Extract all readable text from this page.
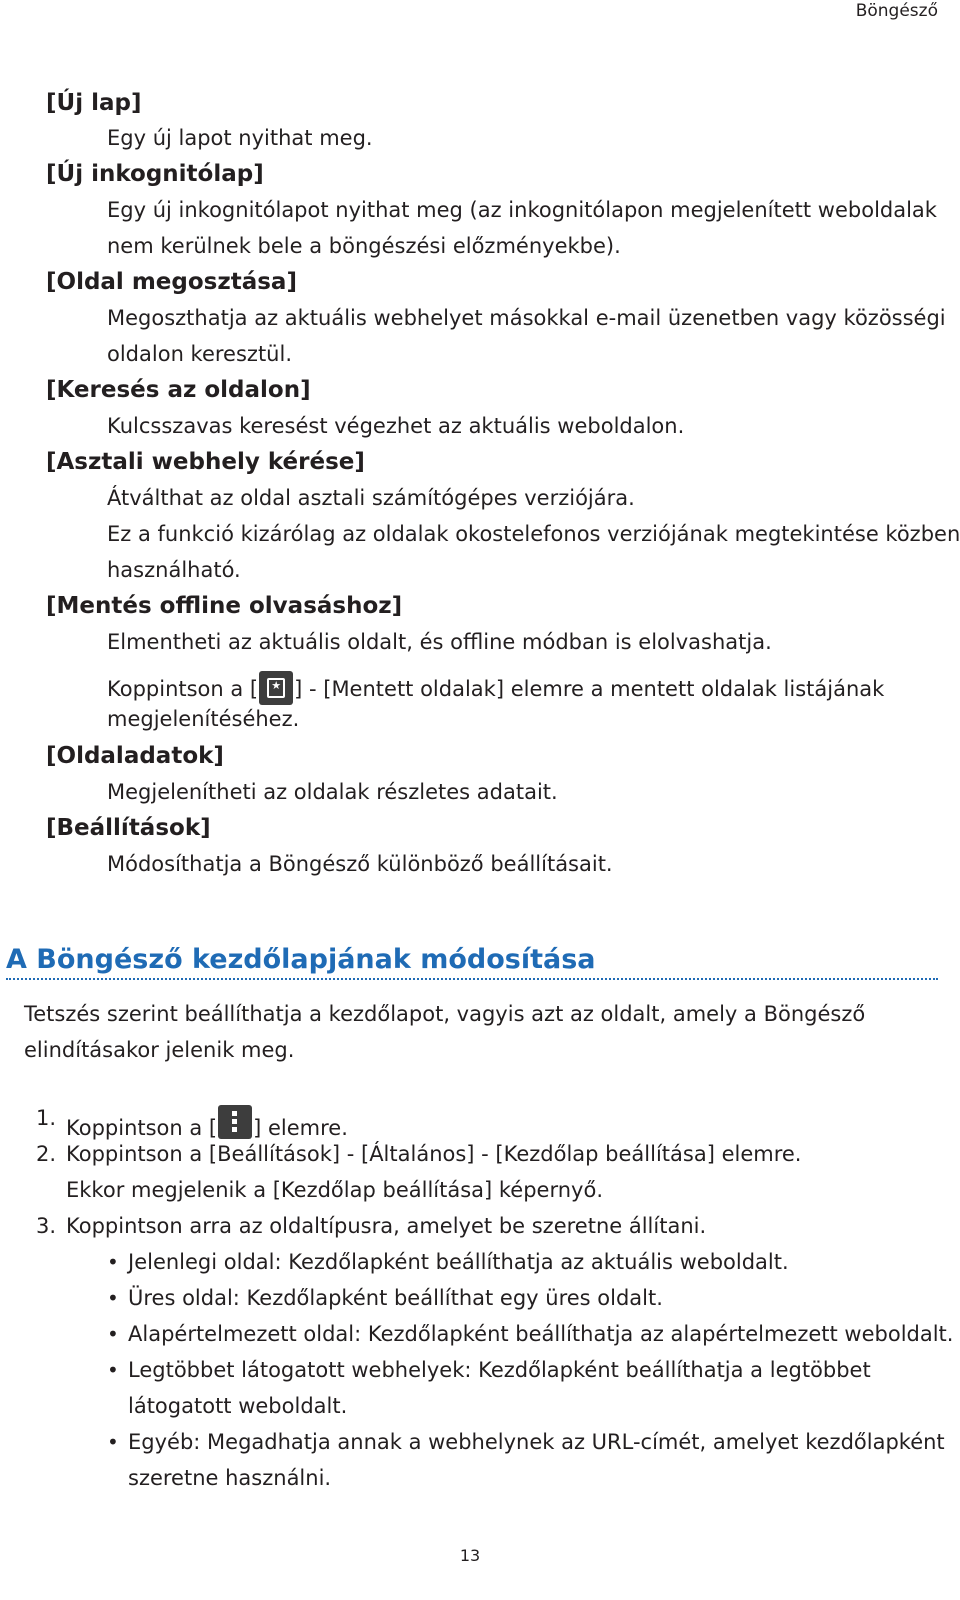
Böngésző
[Új lap]
Egy új lapot nyithat meg.
[Új inkognitólap]
Egy új inkognitólapot nyithat meg (az inkognitólapon megjelenített weboldalak
nem kerülnek bele a böngészési előzményekbe).
[Oldal megosztása]
Megoszthatja az aktuális webhelyet másokkal e-mail üzenetben vagy közösségi
oldalon keresztül.
[Keresés az oldalon]
Kulcsszavas keresést végezhet az aktuális weboldalon.
[Asztali webhely kérése]
Átválthat az oldal asztali számítógépes verziójára.
Ez a funkció kizárólag az oldalak okostelefonos verziójának megtekintése közben
használható.
[Mentés offline olvasáshoz]
Elmentheti az aktuális oldalt, és offline módban is elolvashatja.
Koppintson a [
★ ] - [Mentett oldalak] elemre a mentett oldalak listájának
megjelenítéséhez.
[Oldaladatok]
Megjelenítheti az oldalak részletes adatait.
[Beállítások]
Módosíthatja a Böngésző különböző beállításait.
A Böngésző kezdőlapjának módosítása
Tetszés szerint beállíthatja a kezdőlapot, vagyis azt az oldalt, amely a Böngésző
elindításakor jelenik meg.
1. Koppintson a [ ] elemre.
2. Koppintson a [Beállítások] - [Általános] - [Kezdőlap beállítása] elemre.
Ekkor megjelenik a [Kezdőlap beállítása] képernyő.
3. Koppintson arra az oldaltípusra, amelyet be szeretne állítani.
• Jelenlegi oldal: Kezdőlapként beállíthatja az aktuális weboldalt.
• Üres oldal: Kezdőlapként beállíthat egy üres oldalt.
• Alapértelmezett oldal: Kezdőlapként beállíthatja az alapértelmezett weboldalt.
• Legtöbbet látogatott webhelyek: Kezdőlapként beállíthatja a legtöbbet
látogatott weboldalt.
• Egyéb: Megadhatja annak a webhelynek az URL-címét, amelyet kezdőlapként
szeretne használni.
13
